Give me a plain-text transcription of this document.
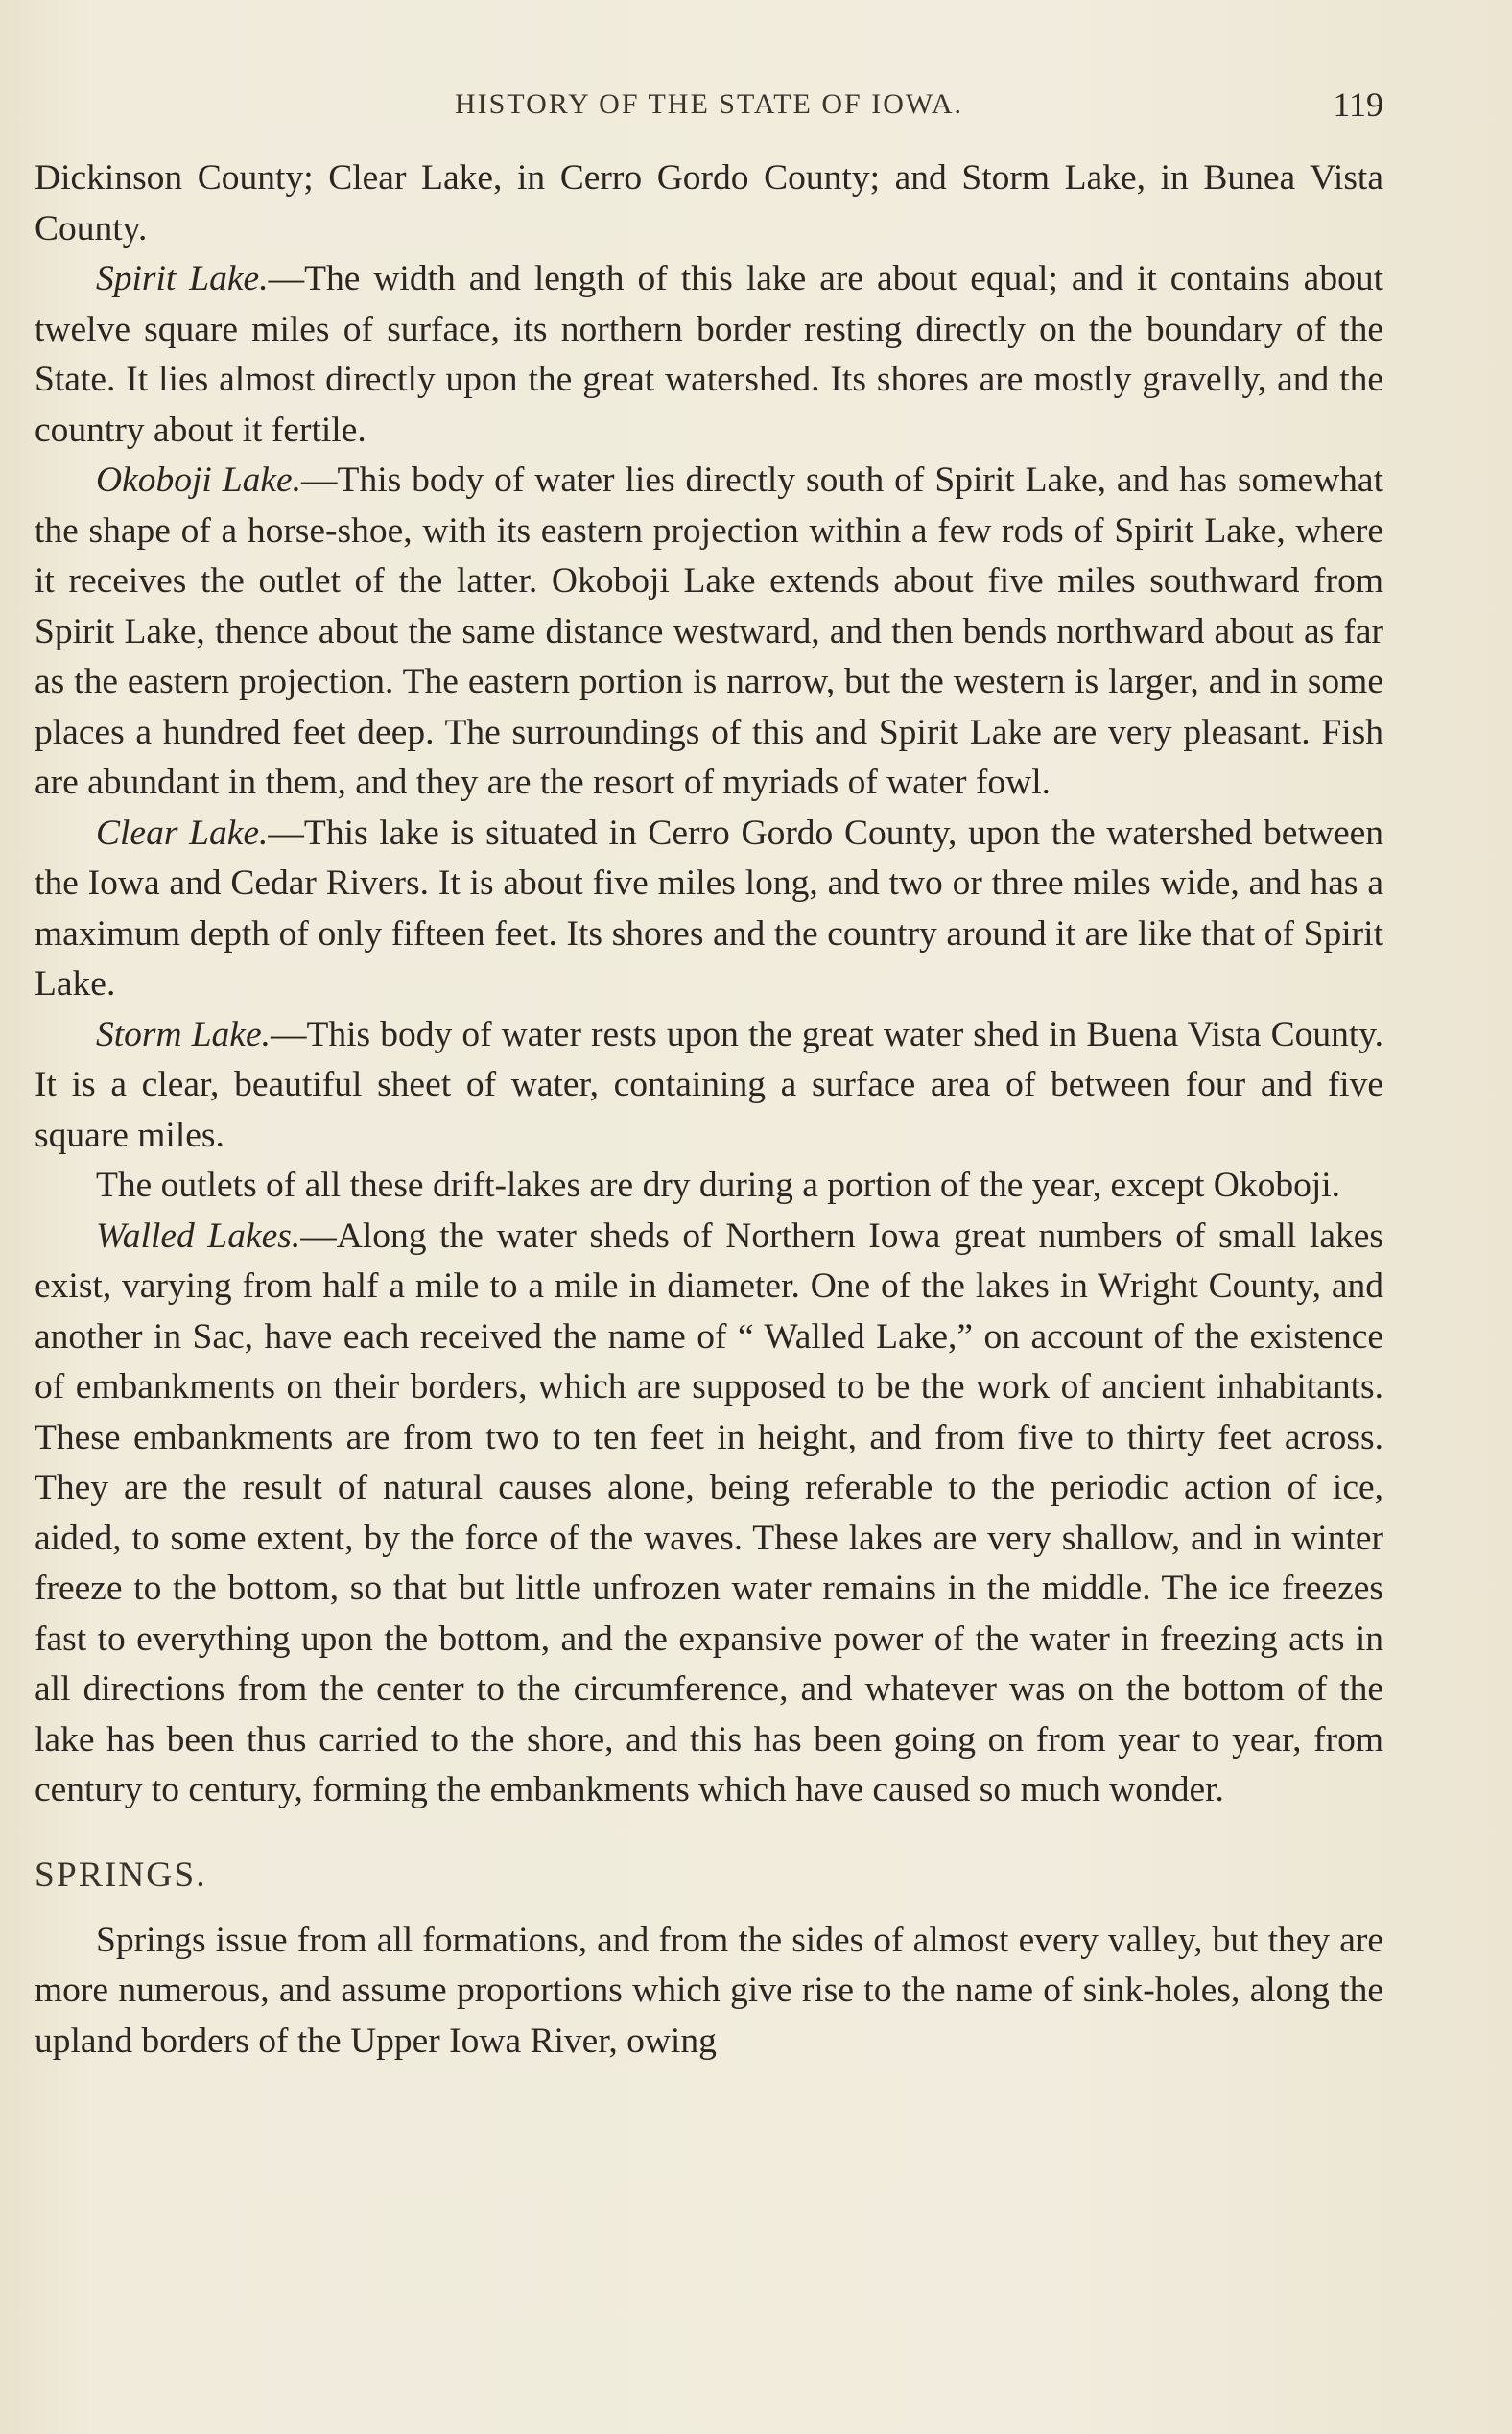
HISTORY OF THE STATE OF IOWA.	119

Dickinson County; Clear Lake, in Cerro Gordo County; and Storm Lake, in Bunea Vista County.

Spirit Lake.—The width and length of this lake are about equal; and it contains about twelve square miles of surface, its northern border resting directly on the boundary of the State. It lies almost directly upon the great watershed. Its shores are mostly gravelly, and the country about it fertile.

Okoboji Lake.—This body of water lies directly south of Spirit Lake, and has somewhat the shape of a horse-shoe, with its eastern projection within a few rods of Spirit Lake, where it receives the outlet of the latter. Okoboji Lake extends about five miles southward from Spirit Lake, thence about the same distance westward, and then bends northward about as far as the eastern projection. The eastern portion is narrow, but the western is larger, and in some places a hundred feet deep. The surroundings of this and Spirit Lake are very pleasant. Fish are abundant in them, and they are the resort of myriads of water fowl.

Clear Lake.—This lake is situated in Cerro Gordo County, upon the watershed between the Iowa and Cedar Rivers. It is about five miles long, and two or three miles wide, and has a maximum depth of only fifteen feet. Its shores and the country around it are like that of Spirit Lake.

Storm Lake.—This body of water rests upon the great water shed in Buena Vista County. It is a clear, beautiful sheet of water, containing a surface area of between four and five square miles.

The outlets of all these drift-lakes are dry during a portion of the year, except Okoboji.

Walled Lakes.—Along the water sheds of Northern Iowa great numbers of small lakes exist, varying from half a mile to a mile in diameter. One of the lakes in Wright County, and another in Sac, have each received the name of “ Walled Lake,” on account of the existence of embankments on their borders, which are supposed to be the work of ancient inhabitants. These embankments are from two to ten feet in height, and from five to thirty feet across. They are the result of natural causes alone, being referable to the periodic action of ice, aided, to some extent, by the force of the waves. These lakes are very shallow, and in winter freeze to the bottom, so that but little unfrozen water remains in the middle. The ice freezes fast to everything upon the bottom, and the expansive power of the water in freezing acts in all directions from the center to the circumference, and whatever was on the bottom of the lake has been thus carried to the shore, and this has been going on from year to year, from century to century, forming the embankments which have caused so much wonder.

SPRINGS.

Springs issue from all formations, and from the sides of almost every valley, but they are more numerous, and assume proportions which give rise to the name of sink-holes, along the upland borders of the Upper Iowa River, owing
